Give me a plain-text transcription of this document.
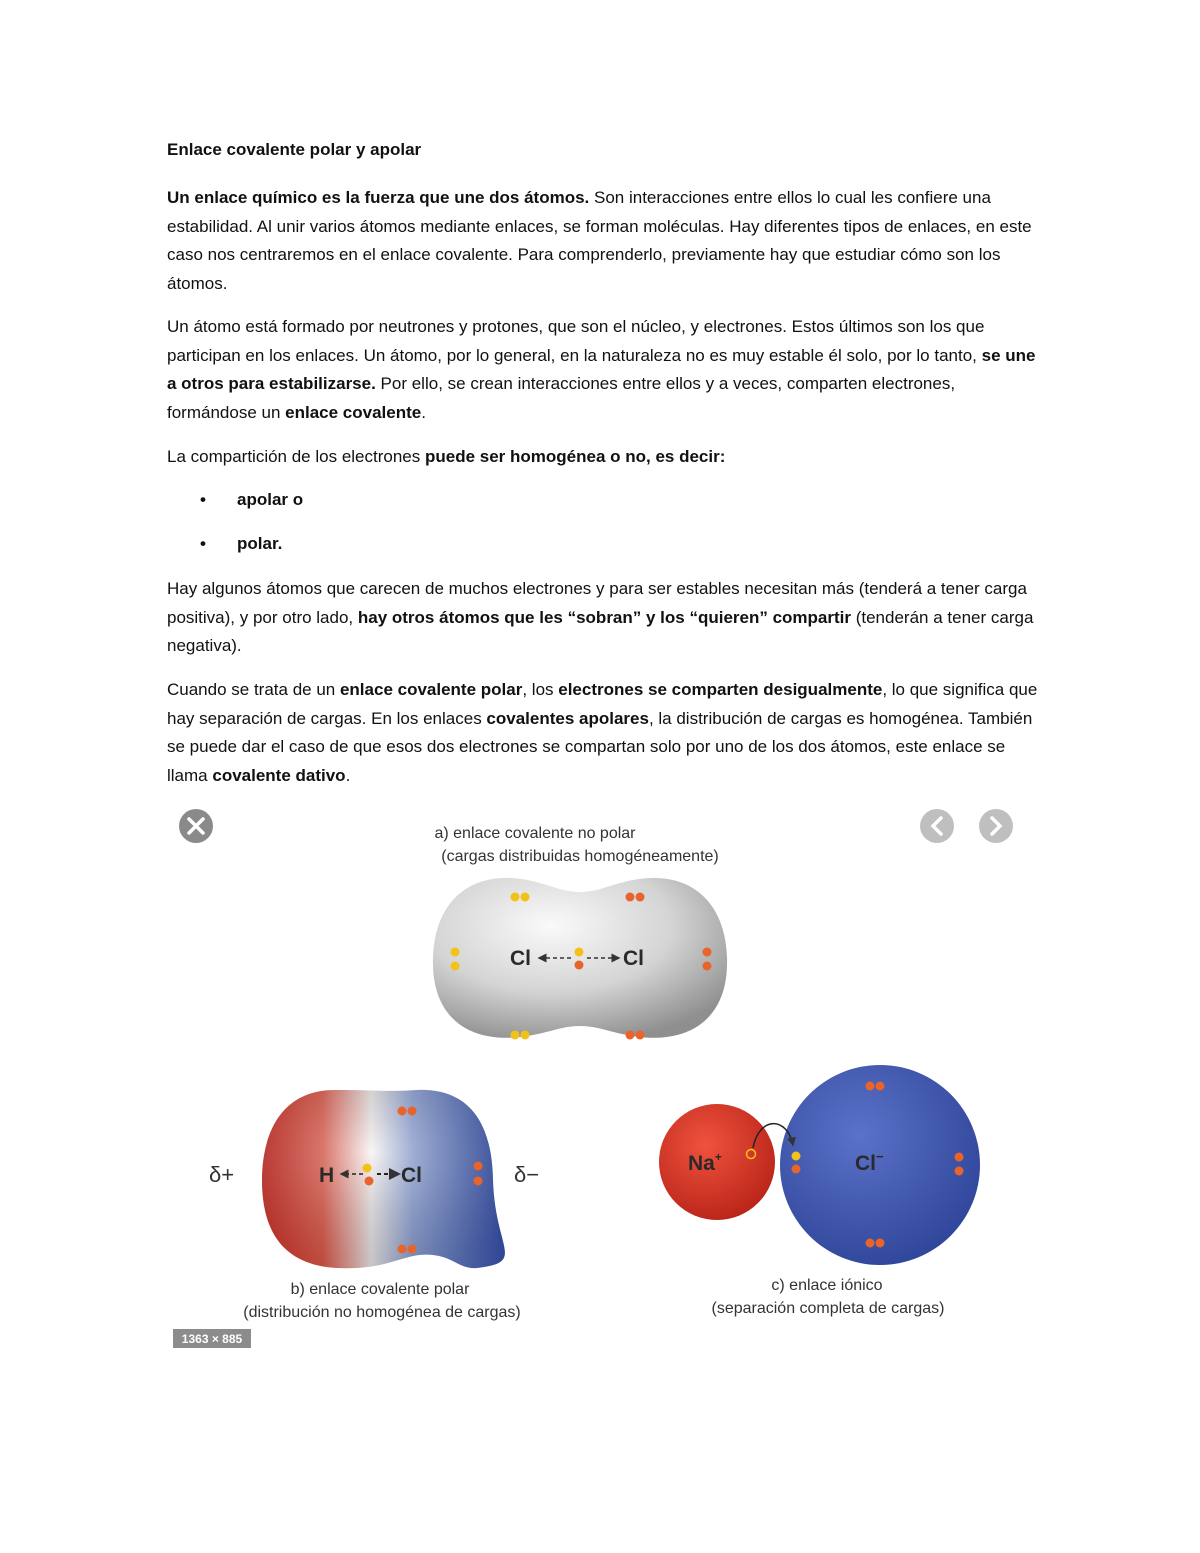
Enlace covalente polar y apolar
Un enlace químico es la fuerza que une dos átomos. Son interacciones entre ellos lo cual les confiere una estabilidad. Al unir varios átomos mediante enlaces, se forman moléculas. Hay diferentes tipos de enlaces, en este caso nos centraremos en el enlace covalente. Para comprenderlo, previamente hay que estudiar cómo son los átomos.
Un átomo está formado por neutrones y protones, que son el núcleo, y electrones. Estos últimos son los que participan en los enlaces. Un átomo, por lo general, en la naturaleza no es muy estable él solo, por lo tanto, se une a otros para estabilizarse. Por ello, se crean interacciones entre ellos y a veces, comparten electrones, formándose un enlace covalente.
La compartición de los electrones puede ser homogénea o no, es decir:
•	apolar o
•	polar.
Hay algunos átomos que carecen de muchos electrones y para ser estables necesitan más (tenderá a tener carga positiva), y por otro lado, hay otros átomos que les “sobran” y los “quieren” compartir (tenderán a tener carga negativa).
Cuando se trata de un enlace covalente polar, los electrones se comparten desigualmente, lo que significa que hay separación de cargas. En los enlaces covalentes apolares, la distribución de cargas es homogénea. También se puede dar el caso de que esos dos electrones se compartan solo por uno de los dos átomos, este enlace se llama covalente dativo.
a) enlace covalente no polar
(cargas distribuidas homogéneamente)
Cl	Cl
H	Cl
δ+	δ−
b) enlace covalente polar
(distribución no homogénea de cargas)
Na+	Cl−
c) enlace iónico
(separación completa de cargas)
1363 × 885
